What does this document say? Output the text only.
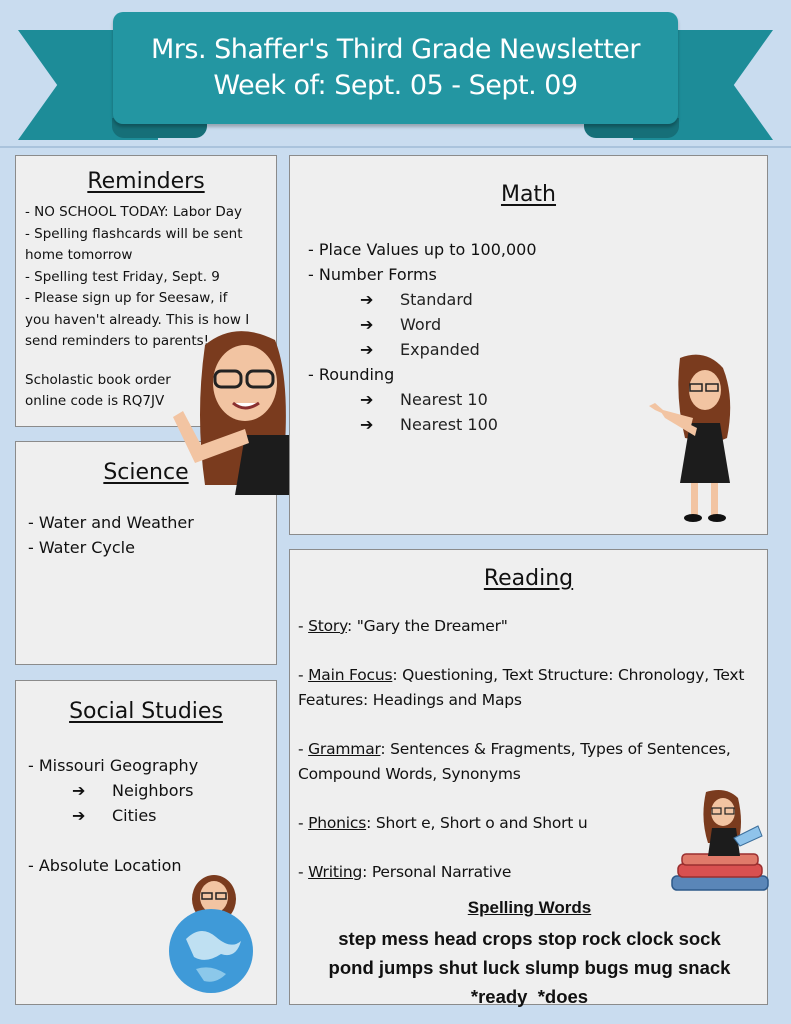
Mrs. Shaffer's Third Grade Newsletter
Week of: Sept. 05 - Sept. 09
Reminders
- NO SCHOOL TODAY: Labor Day
- Spelling flashcards will be sent home tomorrow
- Spelling test Friday, Sept. 9
- Please sign up for Seesaw, if you haven't already. This is how I send reminders to parents!
Scholastic book order online code is RQ7JV
Science
- Water and Weather
- Water Cycle
Social Studies
- Missouri Geography
➔ Neighbors
➔ Cities
- Absolute Location
Math
- Place Values up to 100,000
- Number Forms
➔ Standard
➔ Word
➔ Expanded
- Rounding
➔ Nearest 10
➔ Nearest 100
Reading

- Story: "Gary the Dreamer"

- Main Focus: Questioning, Text Structure: Chronology, Text Features: Headings and Maps

- Grammar: Sentences & Fragments, Types of Sentences, Compound Words, Synonyms

- Phonics: Short e, Short o and Short u

- Writing: Personal Narrative

Spelling Words
step mess head crops stop rock clock sock
pond jumps shut luck slump bugs mug snack
*ready  *does
